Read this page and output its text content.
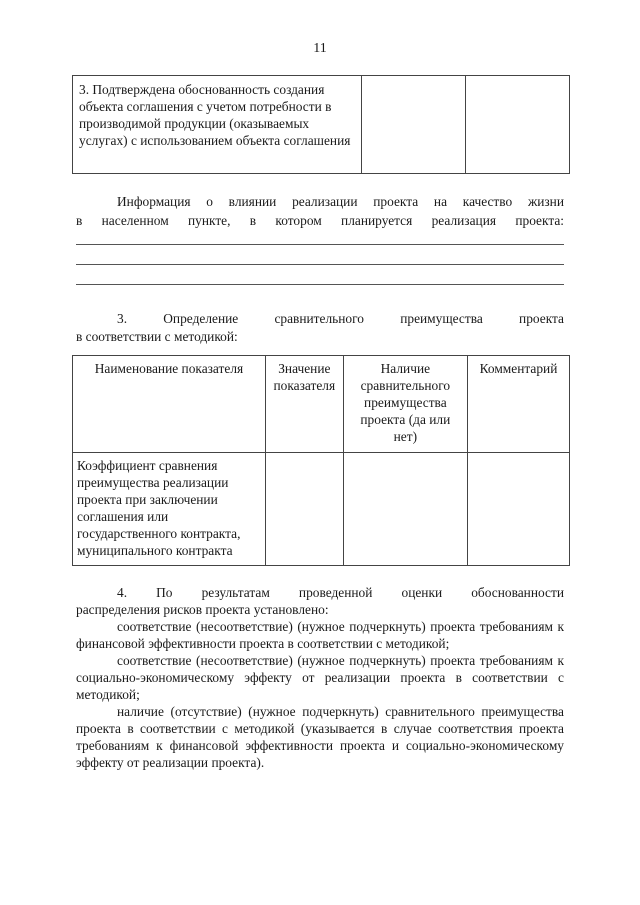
11
3. Подтверждена обоснованность создания объекта соглашения с учетом потребности в производимой продукции (оказываемых услугах) с использованием объекта соглашения		
Информация о влиянии реализации проекта на качество жизни
в населенном пункте, в котором планируется реализация проекта:
3. Определение сравнительного преимущества проекта
в соответствии с методикой:
Наименование показателя	Значение показателя	Наличие сравнительного преимущества проекта (да или нет)	Комментарий
Коэффициент сравнения преимущества реализации проекта при заключении соглашения или государственного контракта, муниципального контракта			

4. По результатам проведенной оценки обоснованности

распределения рисков проекта установлено:

соответствие (несоответствие) (нужное подчеркнуть) проекта требованиям к финансовой эффективности проекта в соответствии с методикой;

соответствие (несоответствие) (нужное подчеркнуть) проекта требованиям к социально-экономическому эффекту от реализации проекта в соответствии с методикой;

наличие (отсутствие) (нужное подчеркнуть) сравнительного преимущества проекта в соответствии с методикой (указывается в случае соответствия проекта требованиям к финансовой эффективности проекта и социально-экономическому эффекту от реализации проекта).
